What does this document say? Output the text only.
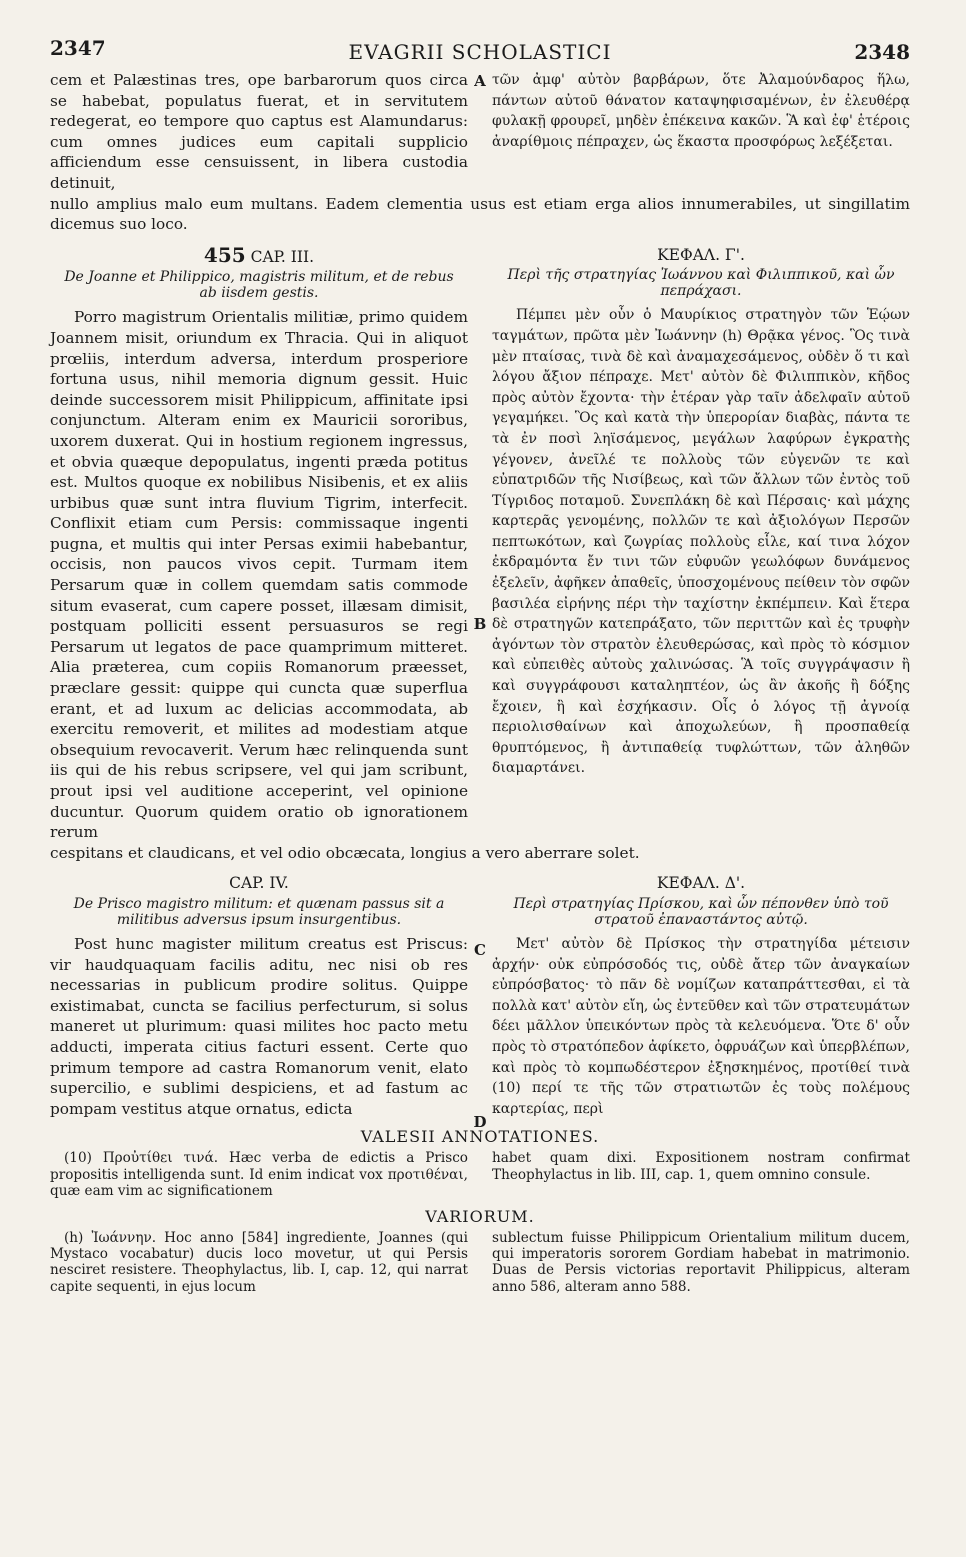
2347	EVAGRII SCHOLASTICI	2348
A

cem et Palæstinas tres, ope barbarorum quos circa se habebat, populatus fuerat, et in servitutem redegerat, eo tempore quo captus est Alamundarus: cum omnes judices eum capitali supplicio afficiendum esse censuissent, in libera custodia detinuit,

τῶν ἀμφ' αὐτὸν βαρβάρων, ὅτε Ἀλαμούνδαρος ἥλω, πάντων αὐτοῦ θάνατον καταψηφισαμένων, ἐν ἐλευθέρᾳ φυλακῇ φρουρεῖ, μηδὲν ἐπέκεινα κακῶν. Ἃ καὶ ἐφ' ἑτέροις ἀναρίθμοις πέπραχεν, ὡς ἕκαστα προσφόρως λεξέξεται.

nullo amplius malo eum multans. Eadem clementia usus est etiam erga alios innumerabiles, ut singillatim dicemus suo loco.
B
C
455 CAP. III.
De Joanne et Philippico, magistris militum, et de rebus ab iisdem gestis.

Porro magistrum Orientalis militiæ, primo quidem Joannem misit, oriundum ex Thracia. Qui in aliquot prœliis, interdum adversa, interdum prosperiore fortuna usus, nihil memoria dignum gessit. Huic deinde successorem misit Philippicum, affinitate ipsi conjunctum. Alteram enim ex Mauricii sororibus, uxorem duxerat. Qui in hostium regionem ingressus, et obvia quæque depopulatus, ingenti præda potitus est. Multos quoque ex nobilibus Nisibenis, et ex aliis urbibus quæ sunt intra fluvium Tigrim, interfecit. Conflixit etiam cum Persis: commissaque ingenti pugna, et multis qui inter Persas eximii habebantur, occisis, non paucos vivos cepit. Turmam item Persarum quæ in collem quemdam satis commode situm evaserat, cum capere posset, illæsam dimisit, postquam polliciti essent persuasuros se regi Persarum ut legatos de pace quamprimum mitteret. Alia præterea, cum copiis Romanorum præesset, præclare gessit: quippe qui cuncta quæ superflua erant, et ad luxum ac delicias accommodata, ab exercitu removerit, et milites ad modestiam atque obsequium revocaverit. Verum hæc relinquenda sunt iis qui de his rebus scripsere, vel qui jam scribunt, prout ipsi vel auditione acceperint, vel opinione ducuntur. Quorum quidem oratio ob ignorationem rerum

ΚΕΦΑΛ. Γ'.
Περὶ τῆς στρατηγίας Ἰωάννου καὶ Φιλιππικοῦ, καὶ ὧν πεπράχασι.

Πέμπει μὲν οὖν ὁ Μαυρίκιος στρατηγὸν τῶν Ἑῴων ταγμάτων, πρῶτα μὲν Ἰωάννην (h) Θρᾷκα γένος. Ὃς τινὰ μὲν πταίσας, τινὰ δὲ καὶ ἀναμαχεσάμενος, οὐδὲν ὅ τι καὶ λόγου ἄξιον πέπραχε. Μετ' αὐτὸν δὲ Φιλιππικὸν, κῆδος πρὸς αὐτὸν ἔχοντα· τὴν ἑτέραν γὰρ ταῖν ἀδελφαῖν αὐτοῦ γεγαμήκει. Ὃς καὶ κατὰ τὴν ὑπερορίαν διαβὰς, πάντα τε τὰ ἐν ποσὶ ληϊσάμενος, μεγάλων λαφύρων ἐγκρατὴς γέγονεν, ἀνεῖλέ τε πολλοὺς τῶν εὐγενῶν τε καὶ εὐπατριδῶν τῆς Νισίβεως, καὶ τῶν ἄλλων τῶν ἐντὸς τοῦ Τίγριδος ποταμοῦ. Συνεπλάκη δὲ καὶ Πέρσαις· καὶ μάχης καρτερᾶς γενομένης, πολλῶν τε καὶ ἀξιολόγων Περσῶν πεπτωκότων, καὶ ζωγρίας πολλοὺς εἷλε, καί τινα λόχον ἐκδραμόντα ἔν τινι τῶν εὐφυῶν γεωλόφων δυνάμενος ἐξελεῖν, ἀφῆκεν ἀπαθεῖς, ὑποσχομένους πείθειν τὸν σφῶν βασιλέα εἰρήνης πέρι τὴν ταχίστην ἐκπέμπειν. Καὶ ἕτερα δὲ στρατηγῶν κατεπράξατο, τῶν περιττῶν καὶ ἐς τρυφὴν ἀγόντων τὸν στρατὸν ἐλευθερώσας, καὶ πρὸς τὸ κόσμιον καὶ εὐπειθὲς αὐτοὺς χαλινώσας. Ἃ τοῖς συγγράψασιν ἢ καὶ συγγράφουσι καταληπτέον, ὡς ἂν ἀκοῆς ἢ δόξης ἔχοιεν, ἢ καὶ ἐσχήκασιν. Οἷς ὁ λόγος τῇ ἀγνοίᾳ περιολισθαίνων καὶ ἀποχωλεύων, ἢ προσπαθείᾳ θρυπτόμενος, ἢ ἀντιπαθείᾳ τυφλώττων, τῶν ἀληθῶν διαμαρτάνει.

cespitans et claudicans, et vel odio obcæcata, longius a vero aberrare solet.
D
CAP. IV.
De Prisco magistro militum: et quænam passus sit a militibus adversus ipsum insurgentibus.

Post hunc magister militum creatus est Priscus: vir haudquaquam facilis aditu, nec nisi ob res necessarias in publicum prodire solitus. Quippe existimabat, cuncta se facilius perfecturum, si solus maneret ut plurimum: quasi milites hoc pacto metu adducti, imperata citius facturi essent. Certe quo primum tempore ad castra Romanorum venit, elato supercilio, e sublimi despiciens, et ad fastum ac pompam vestitus atque ornatus, edicta

ΚΕΦΑΛ. Δ'.
Περὶ στρατηγίας Πρίσκου, καὶ ὧν πέπονθεν ὑπὸ τοῦ στρατοῦ ἐπαναστάντος αὐτῷ.

Μετ' αὐτὸν δὲ Πρίσκος τὴν στρατηγίδα μέτεισιν ἀρχήν· οὐκ εὐπρόσοδός τις, οὐδὲ ἄτερ τῶν ἀναγκαίων εὐπρόσβατος· τὸ πᾶν δὲ νομίζων καταπράττεσθαι, εἰ τὰ πολλὰ κατ' αὐτὸν εἴη, ὡς ἐντεῦθεν καὶ τῶν στρατευμάτων δέει μᾶλλον ὑπεικόντων πρὸς τὰ κελευόμενα. Ὅτε δ' οὖν πρὸς τὸ στρατόπεδον ἀφίκετο, ὀφρυάζων καὶ ὑπερβλέπων, καὶ πρὸς τὸ κομπωδέστερον ἐξησκημένος, προτίθεί τινὰ (10) περί τε τῆς τῶν στρατιωτῶν ἐς τοὺς πολέμους καρτερίας, περὶ

VALESII ANNOTATIONES.
(10) Προὐτίθει τινά. Hæc verba de edictis a Prisco propositis intelligenda sunt. Id enim indicat vox προτιθέναι, quæ eam vim ac significationem
habet quam dixi. Expositionem nostram confirmat Theophylactus in lib. III, cap. 1, quem omnino consule.
VARIORUM.
(h) Ἰωάννην. Hoc anno [584] ingrediente, Joannes (qui Mystaco vocabatur) ducis loco movetur, ut qui Persis nesciret resistere. Theophylactus, lib. I, cap. 12, qui narrat capite sequenti, in ejus locum
sublectum fuisse Philippicum Orientalium militum ducem, qui imperatoris sororem Gordiam habebat in matrimonio. Duas de Persis victorias reportavit Philippicus, alteram anno 586, alteram anno 588.
